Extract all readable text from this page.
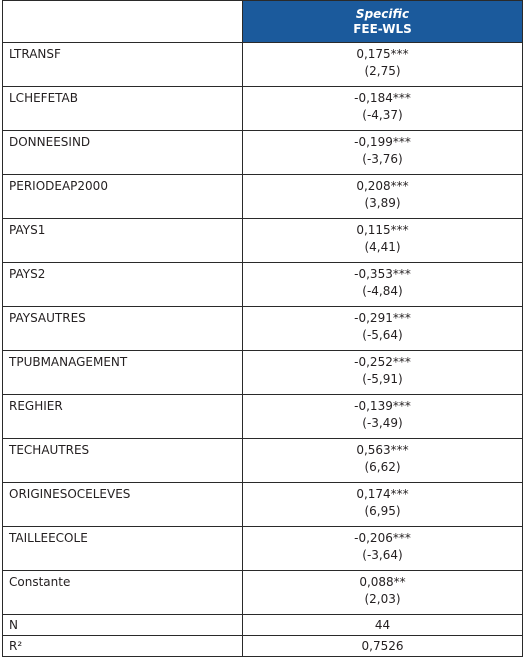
	Specific
FEE-WLS

LTRANSF	0,175***
(2,75)

LCHEFETAB	-0,184***
(-4,37)

DONNEESIND	-0,199***
(-3,76)

PERIODEAP2000	0,208***
(3,89)

PAYS1	0,115***
(4,41)

PAYS2	-0,353***
(-4,84)

PAYSAUTRES	-0,291***
(-5,64)

TPUBMANAGEMENT	-0,252***
(-5,91)

REGHIER	-0,139***
(-3,49)

TECHAUTRES	0,563***
(6,62)

ORIGINESOCELEVES	0,174***
(6,95)

TAILLEECOLE	-0,206***
(-3,64)

Constante	0,088**
(2,03)

N	44
R²	0,7526
